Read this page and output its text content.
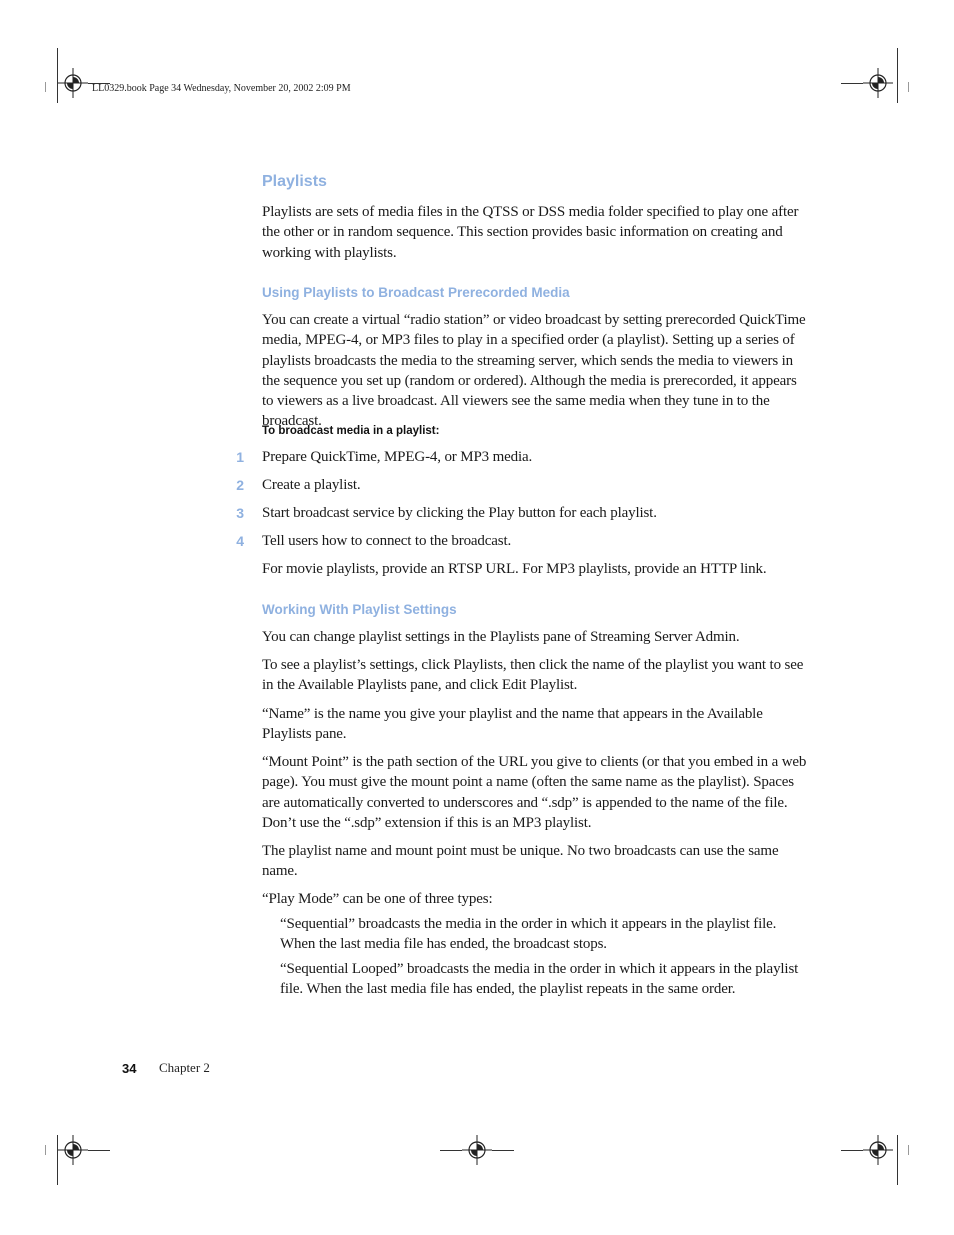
LL0329.book Page 34 Wednesday, November 20, 2002 2:09 PM
Playlists
Playlists are sets of media files in the QTSS or DSS media folder specified to play one after the other or in random sequence. This section provides basic information on creating and working with playlists.
Using Playlists to Broadcast Prerecorded Media
You can create a virtual “radio station” or video broadcast by setting prerecorded QuickTime media, MPEG-4, or MP3 files to play in a specified order (a playlist). Setting up a series of playlists broadcasts the media to the streaming server, which sends the media to viewers in the sequence you set up (random or ordered). Although the media is prerecorded, it appears to viewers as a live broadcast. All viewers see the same media when they tune in to the broadcast.
To broadcast media in a playlist:
1 Prepare QuickTime, MPEG-4, or MP3 media.
2 Create a playlist.
3 Start broadcast service by clicking the Play button for each playlist.
4 Tell users how to connect to the broadcast.
For movie playlists, provide an RTSP URL. For MP3 playlists, provide an HTTP link.
Working With Playlist Settings
You can change playlist settings in the Playlists pane of Streaming Server Admin.
To see a playlist’s settings, click Playlists, then click the name of the playlist you want to see in the Available Playlists pane, and click Edit Playlist.
“Name” is the name you give your playlist and the name that appears in the Available Playlists pane.
“Mount Point” is the path section of the URL you give to clients (or that you embed in a web page). You must give the mount point a name (often the same name as the playlist). Spaces are automatically converted to underscores and “.sdp” is appended to the name of the file. Don’t use the “.sdp” extension if this is an MP3 playlist.
The playlist name and mount point must be unique. No two broadcasts can use the same name.
“Play Mode” can be one of three types:
“Sequential” broadcasts the media in the order in which it appears in the playlist file. When the last media file has ended, the broadcast stops.
“Sequential Looped” broadcasts the media in the order in which it appears in the playlist file. When the last media file has ended, the playlist repeats in the same order.
34 Chapter 2
